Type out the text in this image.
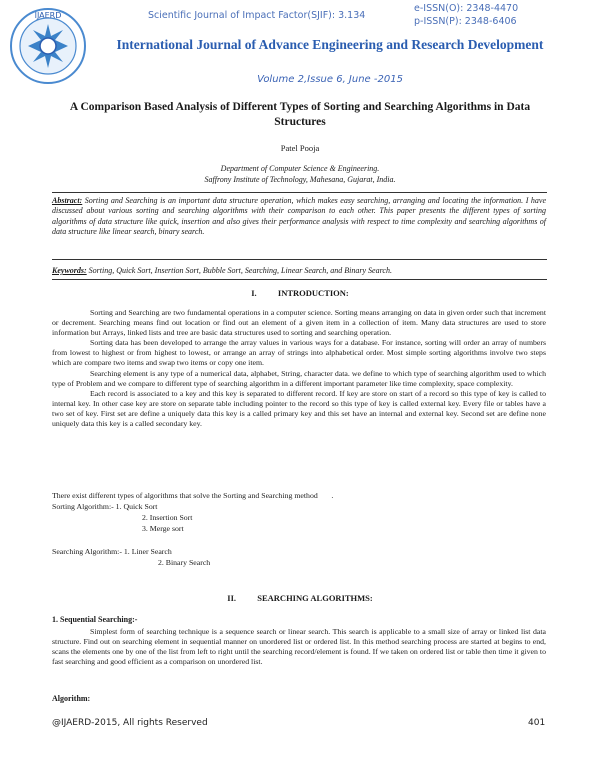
IJAERD	Scientific Journal of Impact Factor(SJIF): 3.134
e-ISSN(O): 2348-4470
p-ISSN(P): 2348-6406
International Journal of Advance Engineering and Research Development
Volume 2,Issue 6, June -2015
A Comparison Based Analysis of Different Types of Sorting and Searching Algorithms in Data Structures
Patel Pooja
Department of Computer Science & Engineering.
Saffrony Institute of Technology, Mahesana, Gujarat, India.
Abstract: Sorting and Searching is an important data structure operation, which makes easy searching, arranging and locating the information. I have discussed about various sorting and searching algorithms with their comparison to each other. This paper presents the different types of sorting algorithms of data structure like quick, insertion and also gives their performance analysis with respect to time complexity and searching algorithms of data structure like linear search, binary search.
Keywords: Sorting, Quick Sort, Insertion Sort, Bubble Sort, Searching, Linear Search, and Binary Search.
I.          INTRODUCTION:

Sorting and Searching are two fundamental operations in a computer science. Sorting means arranging on data in given order such that increment or decrement. Searching means find out location or find out an element of a given item in a collection of item. Many data structures are used to store information but Arrays, linked lists and tree are basic data structures used to sorting and searching operation.

Sorting data has been developed to arrange the array values in various ways for a database. For instance, sorting will order an array of numbers from lowest to highest or from highest to lowest, or arrange an array of strings into alphabetical order. Most simple sorting algorithms involve two steps which are compare two items and swap two items or copy one item.

Searching element is any type of a numerical data, alphabet, String, character data. we define to which type of searching algorithm used to which type of Problem and we compare to different type of searching algorithm in a different important parameter like time complexity, space complexity.

Each record is associated to a key and this key is separated to different record. If key are store on start of a record so this type of key is called to internal key. In other case key are store on separate table including pointer to the record so this type of key is called external key. Every file or tables have a two set of key. First set are define a uniquely data this key is a called primary key and this set have an internal and external key. Second set are define none uniquely data this key is a called secondary key.

There exist different types of algorithms that solve the Sorting and Searching method       .
Sorting Algorithm:- 1. Quick Sort
2. Insertion Sort
3. Merge sort
Searching Algorithm:- 1. Liner Search
2. Binary Search
II.          SEARCHING ALGORITHMS:
1. Sequential Searching:-

Simplest form of searching technique is a sequence search or linear search. This search is applicable to a small size of array or linked list data structure. Find out on searching element in sequential manner on unordered list or ordered list. In this method searching process are started at begins to end, scans the elements one by one of the list from left to right until the searching record/element is found. If we taken on ordered list or table then time it given to fast searching and good efficient as a comparison on unordered list.

Algorithm:
@IJAERD-2015, All rights Reserved	401
